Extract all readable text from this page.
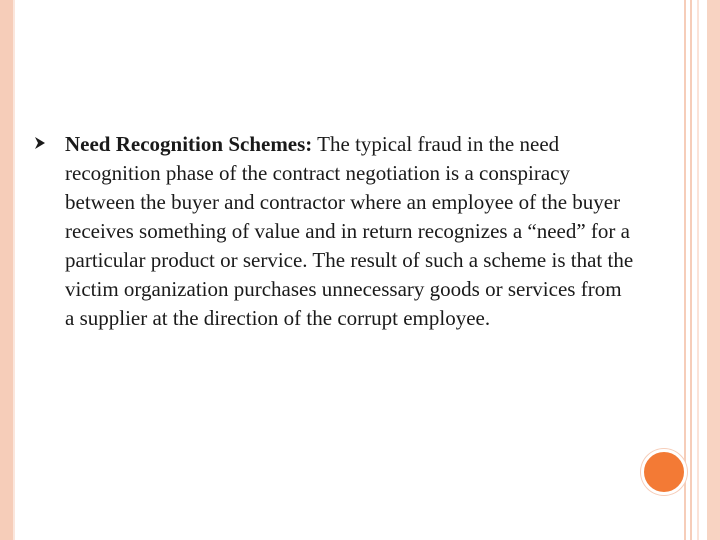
Need Recognition Schemes: The typical fraud in the need recognition phase of the contract negotiation is a conspiracy between the buyer and contractor where an employee of the buyer receives something of value and in return recognizes a “need” for a particular product or service. The result of such a scheme is that the victim organization purchases unnecessary goods or services from a supplier at the direction of the corrupt employee.
